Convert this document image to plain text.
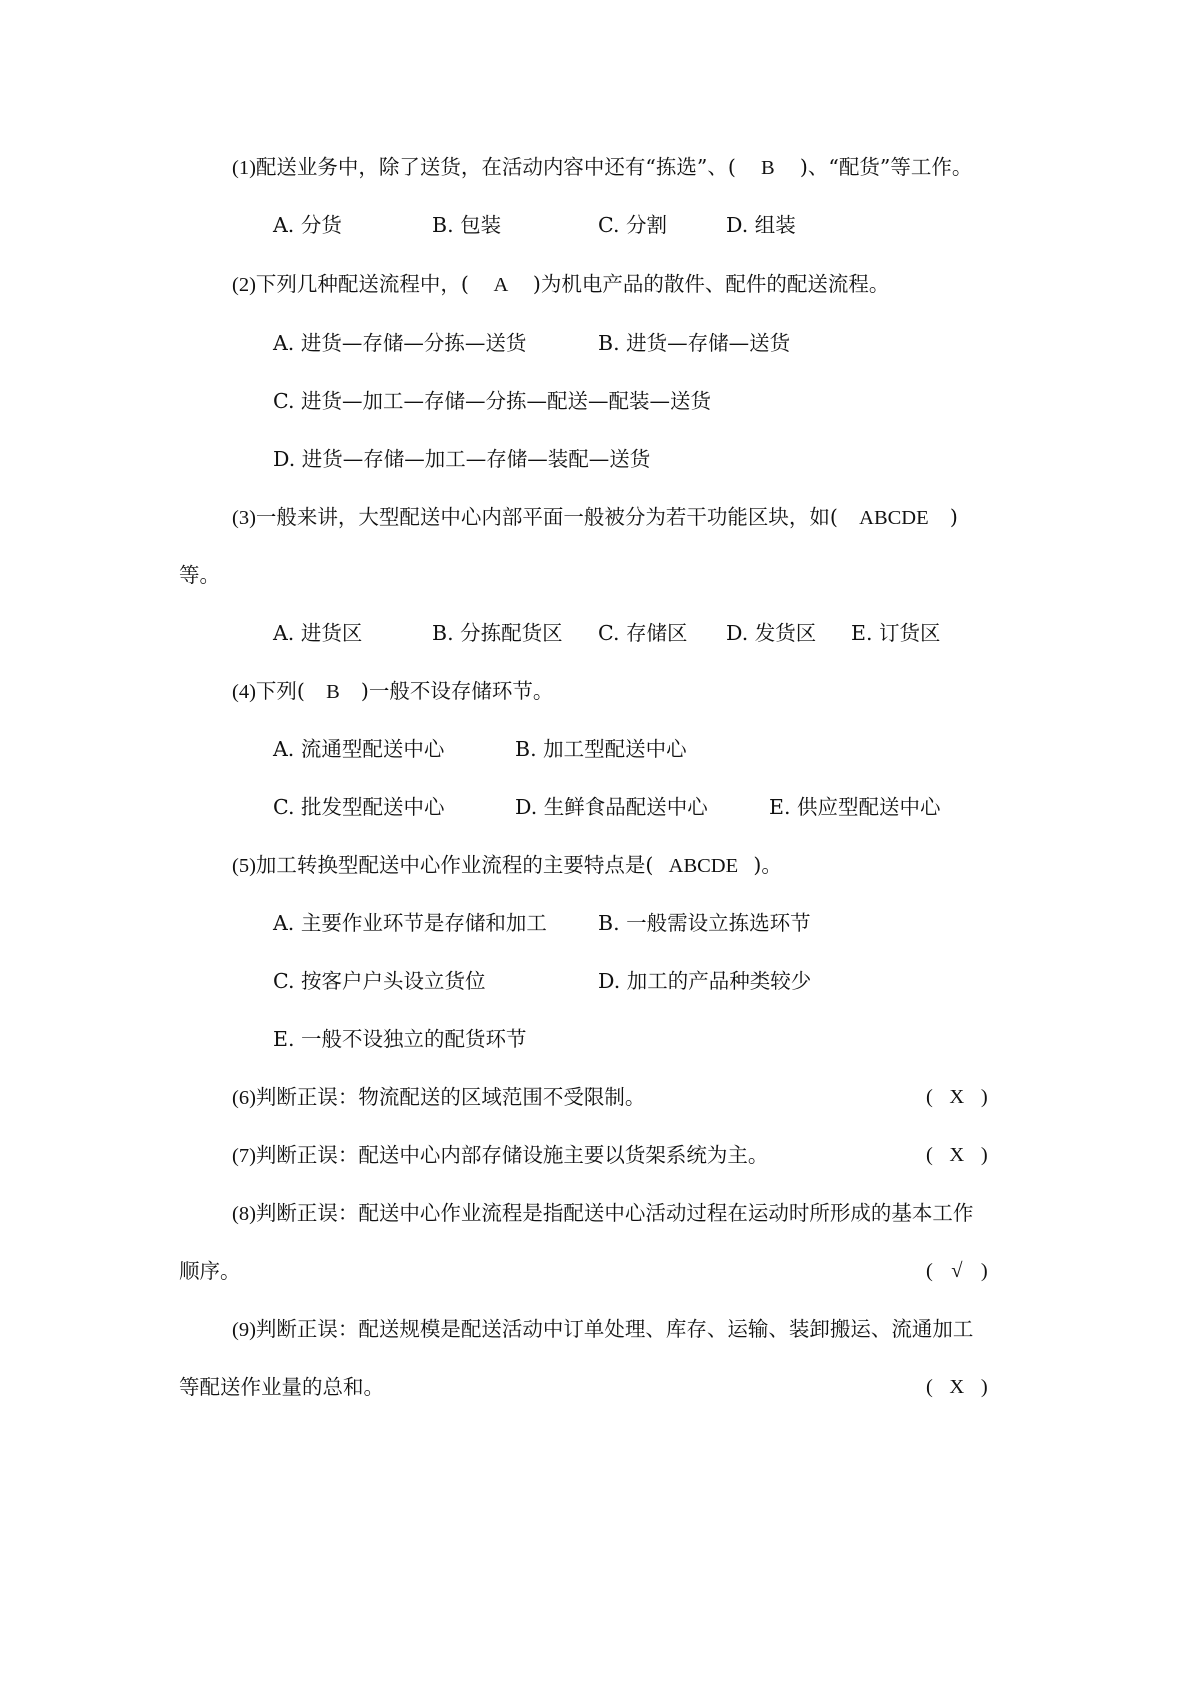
(1)配送业务中，除了送货，在活动内容中还有“拣选”、( B )、“配货”等工作。
A. 分货	B. 包装	C. 分割	D. 组装
(2)下列几种配送流程中，( A )为机电产品的散件、配件的配送流程。
A. 进货—存储—分拣—送货	B. 进货—存储—送货
C. 进货—加工—存储—分拣—配送—配装—送货
D. 进货—存储—加工—存储—装配—送货
(3)一般来讲，大型配送中心内部平面一般被分为若干功能区块，如( ABCDE )
等。
A. 进货区	B. 分拣配货区 C. 存储区 D. 发货区 E. 订货区
(4)下列( B )一般不设存储环节。
A. 流通型配送中心	B. 加工型配送中心
C. 批发型配送中心	D. 生鲜食品配送中心	E. 供应型配送中心
(5)加工转换型配送中心作业流程的主要特点是( ABCDE )。
A. 主要作业环节是存储和加工 B. 一般需设立拣选环节
C. 按客户户头设立货位	D. 加工的产品种类较少
E. 一般不设独立的配货环节
(6)判断正误：物流配送的区域范围不受限制。	( X )
(7)判断正误：配送中心内部存储设施主要以货架系统为主。	( X )
(8)判断正误：配送中心作业流程是指配送中心活动过程在运动时所形成的基本工作
顺序。	( √ )
(9)判断正误：配送规模是配送活动中订单处理、库存、运输、装卸搬运、流通加工
等配送作业量的总和。	( X )
